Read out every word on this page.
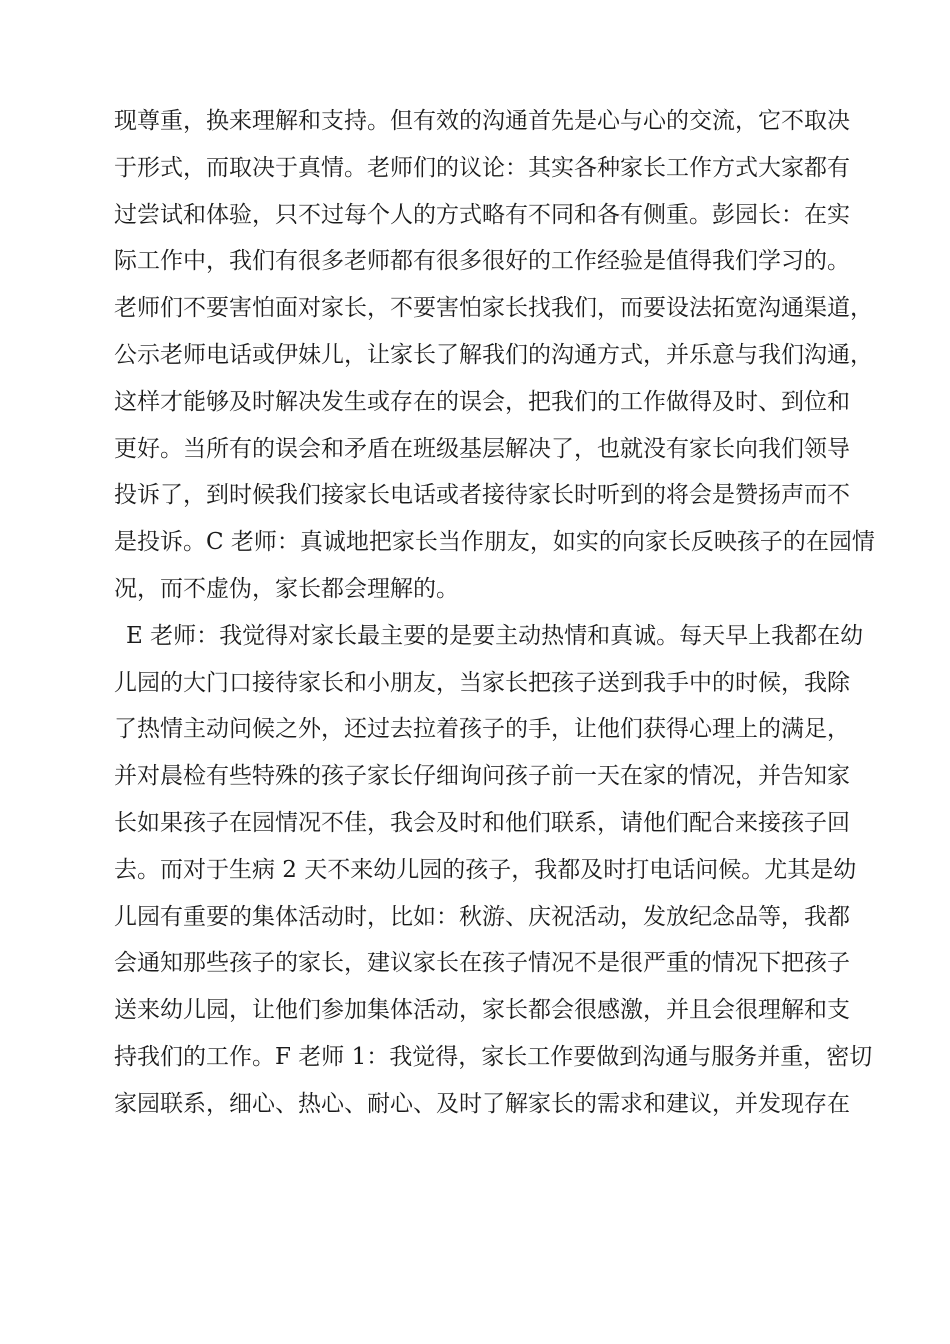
现尊重，换来理解和支持。但有效的沟通首先是心与心的交流，它不取决
于形式，而取决于真情。老师们的议论：其实各种家长工作方式大家都有
过尝试和体验，只不过每个人的方式略有不同和各有侧重。彭园长：在实
际工作中，我们有很多老师都有很多很好的工作经验是值得我们学习的。
老师们不要害怕面对家长，不要害怕家长找我们，而要设法拓宽沟通渠道，
公示老师电话或伊妹儿，让家长了解我们的沟通方式，并乐意与我们沟通，
这样才能够及时解决发生或存在的误会，把我们的工作做得及时、到位和
更好。当所有的误会和矛盾在班级基层解决了，也就没有家长向我们领导
投诉了，到时候我们接家长电话或者接待家长时听到的将会是赞扬声而不
是投诉。C 老师：真诚地把家长当作朋友，如实的向家长反映孩子的在园情
况，而不虚伪，家长都会理解的。
E 老师：我觉得对家长最主要的是要主动热情和真诚。每天早上我都在幼
儿园的大门口接待家长和小朋友，当家长把孩子送到我手中的时候，我除
了热情主动问候之外，还过去拉着孩子的手，让他们获得心理上的满足，
并对晨检有些特殊的孩子家长仔细询问孩子前一天在家的情况，并告知家
长如果孩子在园情况不佳，我会及时和他们联系，请他们配合来接孩子回
去。而对于生病 2 天不来幼儿园的孩子，我都及时打电话问候。尤其是幼
儿园有重要的集体活动时，比如：秋游、庆祝活动，发放纪念品等，我都
会通知那些孩子的家长，建议家长在孩子情况不是很严重的情况下把孩子
送来幼儿园，让他们参加集体活动，家长都会很感激，并且会很理解和支
持我们的工作。F 老师 1：我觉得，家长工作要做到沟通与服务并重，密切
家园联系，细心、热心、耐心、及时了解家长的需求和建议，并发现存在
